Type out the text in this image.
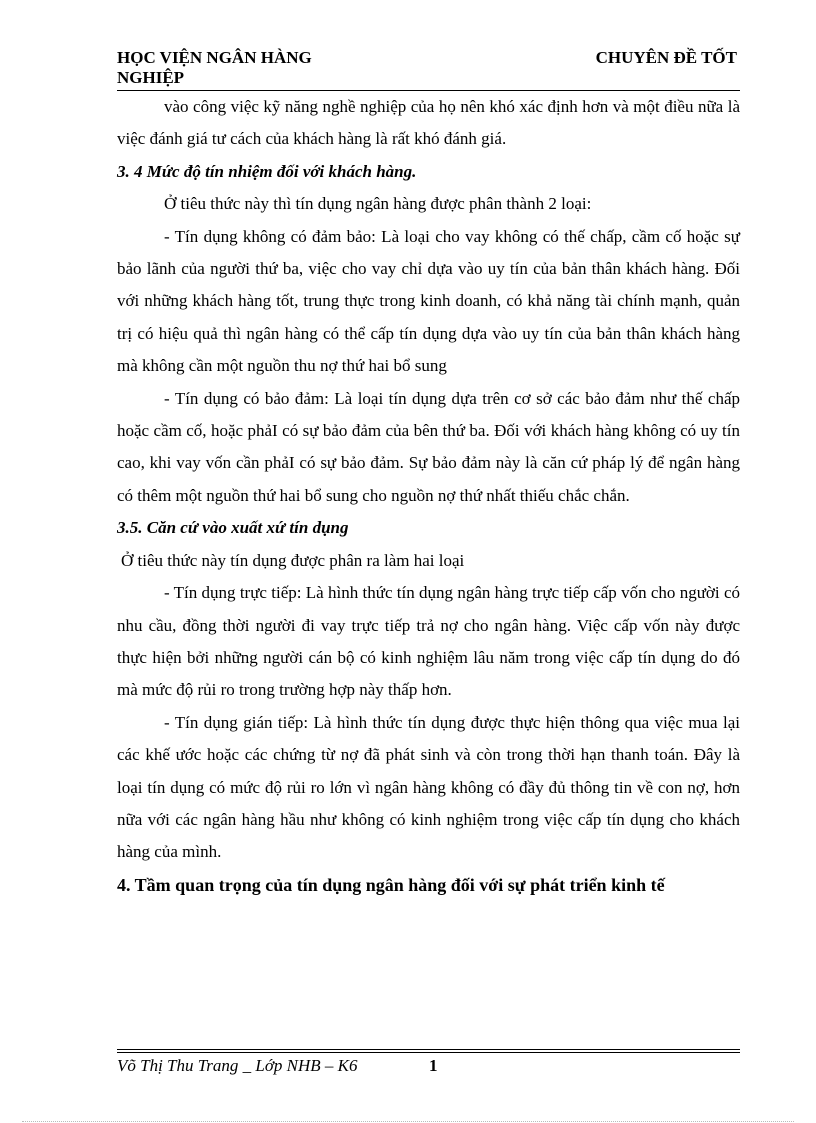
HỌC VIỆN NGÂN HÀNG
NGHIỆP
CHUYÊN ĐỀ TỐT

vào công việc kỹ năng nghề nghiệp của họ nên khó xác định hơn và một điều nữa là việc đánh giá tư cách của khách hàng là rất khó đánh giá.

3. 4 Mức độ tín nhiệm đối với khách hàng.

Ở tiêu thức này thì tín dụng ngân hàng được phân thành 2 loại:

- Tín dụng không có đảm bảo: Là loại cho vay không có thế chấp, cầm cố hoặc sự bảo lãnh của người thứ ba, việc cho vay chỉ dựa vào uy tín của bản thân khách hàng. Đối với những khách hàng tốt, trung thực trong kinh doanh, có khả năng tài chính mạnh, quản trị có hiệu quả thì ngân hàng có thể cấp tín dụng dựa vào uy tín của bản thân khách hàng mà không cần một nguồn thu nợ thứ hai bổ sung

- Tín dụng có bảo đảm: Là loại tín dụng dựa trên cơ sở các bảo đảm như thế chấp hoặc cầm cố, hoặc phảI có sự bảo đảm của bên thứ ba. Đối với khách hàng không có uy tín cao, khi vay vốn cần phảI có sự bảo đảm. Sự bảo đảm này là căn cứ pháp lý để ngân hàng có thêm một nguồn thứ hai bổ sung cho nguồn nợ thứ nhất thiếu chắc chắn.

3.5. Căn cứ vào xuất xứ tín dụng

Ở tiêu thức này tín dụng được phân ra làm hai loại

- Tín dụng trực tiếp: Là hình thức tín dụng ngân hàng trực tiếp cấp vốn cho người có nhu cầu, đồng thời người đi vay trực tiếp trả nợ cho ngân hàng. Việc cấp vốn này được thực hiện bởi những người cán bộ có kinh nghiệm lâu năm trong việc cấp tín dụng do đó mà mức độ rủi ro trong trường hợp này thấp hơn.

- Tín dụng gián tiếp: Là hình thức tín dụng được thực hiện thông qua việc mua lại các khế ước hoặc các chứng từ nợ đã phát sinh và còn trong thời hạn thanh toán. Đây là loại tín dụng có mức độ rủi ro lớn vì ngân hàng không có đầy đủ thông tin về con nợ, hơn nữa với các ngân hàng hầu như không có kinh nghiệm trong việc cấp tín dụng cho khách hàng của mình.

4. Tầm quan trọng của tín dụng ngân hàng đối với sự phát triển kinh tế

Võ Thị Thu Trang _ Lớp NHB – K6	1
